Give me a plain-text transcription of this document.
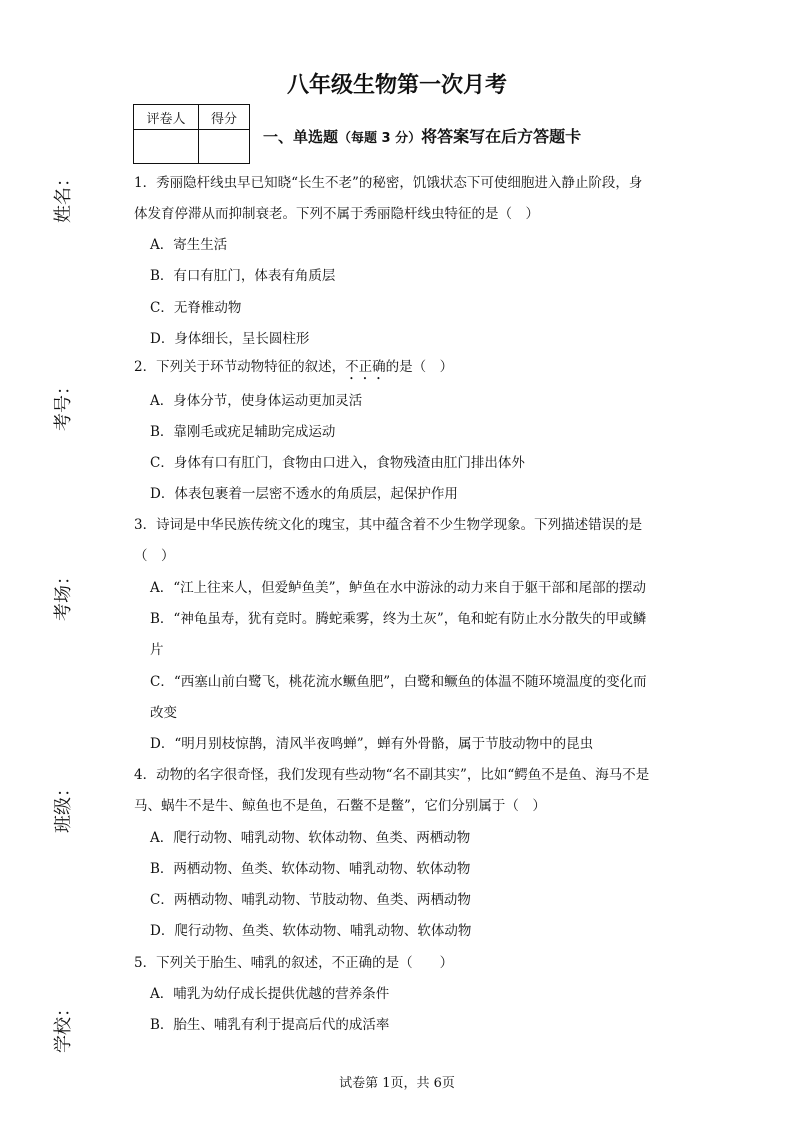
八年级生物第一次月考
评卷人	得分

一、单选题（每题 3 分）将答案写在后方答题卡
姓名：
考号：
考场：
班级：
学校：
1．秀丽隐杆线虫早已知晓“长生不老”的秘密，饥饿状态下可使细胞进入静止阶段，身
体发育停滞从而抑制衰老。下列不属于秀丽隐杆线虫特征的是（　）
A．寄生生活
B．有口有肛门，体表有角质层
C．无脊椎动物
D．身体细长，呈长圆柱形
2．下列关于环节动物特征的叙述，不正确的是（　）
A．身体分节，使身体运动更加灵活
B．靠刚毛或疣足辅助完成运动
C．身体有口有肛门，食物由口进入，食物残渣由肛门排出体外
D．体表包裹着一层密不透水的角质层，起保护作用
3．诗词是中华民族传统文化的瑰宝，其中蕴含着不少生物学现象。下列描述错误的是
（　）
A．“江上往来人，但爱鲈鱼美”，鲈鱼在水中游泳的动力来自于躯干部和尾部的摆动
B．“神龟虽寿，犹有竞时。腾蛇乘雾，终为土灰”，龟和蛇有防止水分散失的甲或鳞
片
C．“西塞山前白鹭飞，桃花流水鳜鱼肥”，白鹭和鳜鱼的体温不随环境温度的变化而
改变
D．“明月别枝惊鹊，清风半夜鸣蝉”，蝉有外骨骼，属于节肢动物中的昆虫
4．动物的名字很奇怪，我们发现有些动物“名不副其实”，比如“鳄鱼不是鱼、海马不是
马、蜗牛不是牛、鲸鱼也不是鱼，石鳖不是鳖”，它们分别属于（　）
A．爬行动物、哺乳动物、软体动物、鱼类、两栖动物
B．两栖动物、鱼类、软体动物、哺乳动物、软体动物
C．两栖动物、哺乳动物、节肢动物、鱼类、两栖动物
D．爬行动物、鱼类、软体动物、哺乳动物、软体动物
5．下列关于胎生、哺乳的叙述，不正确的是（　　）
A．哺乳为幼仔成长提供优越的营养条件
B．胎生、哺乳有利于提高后代的成活率
试卷第 1页，共 6页
